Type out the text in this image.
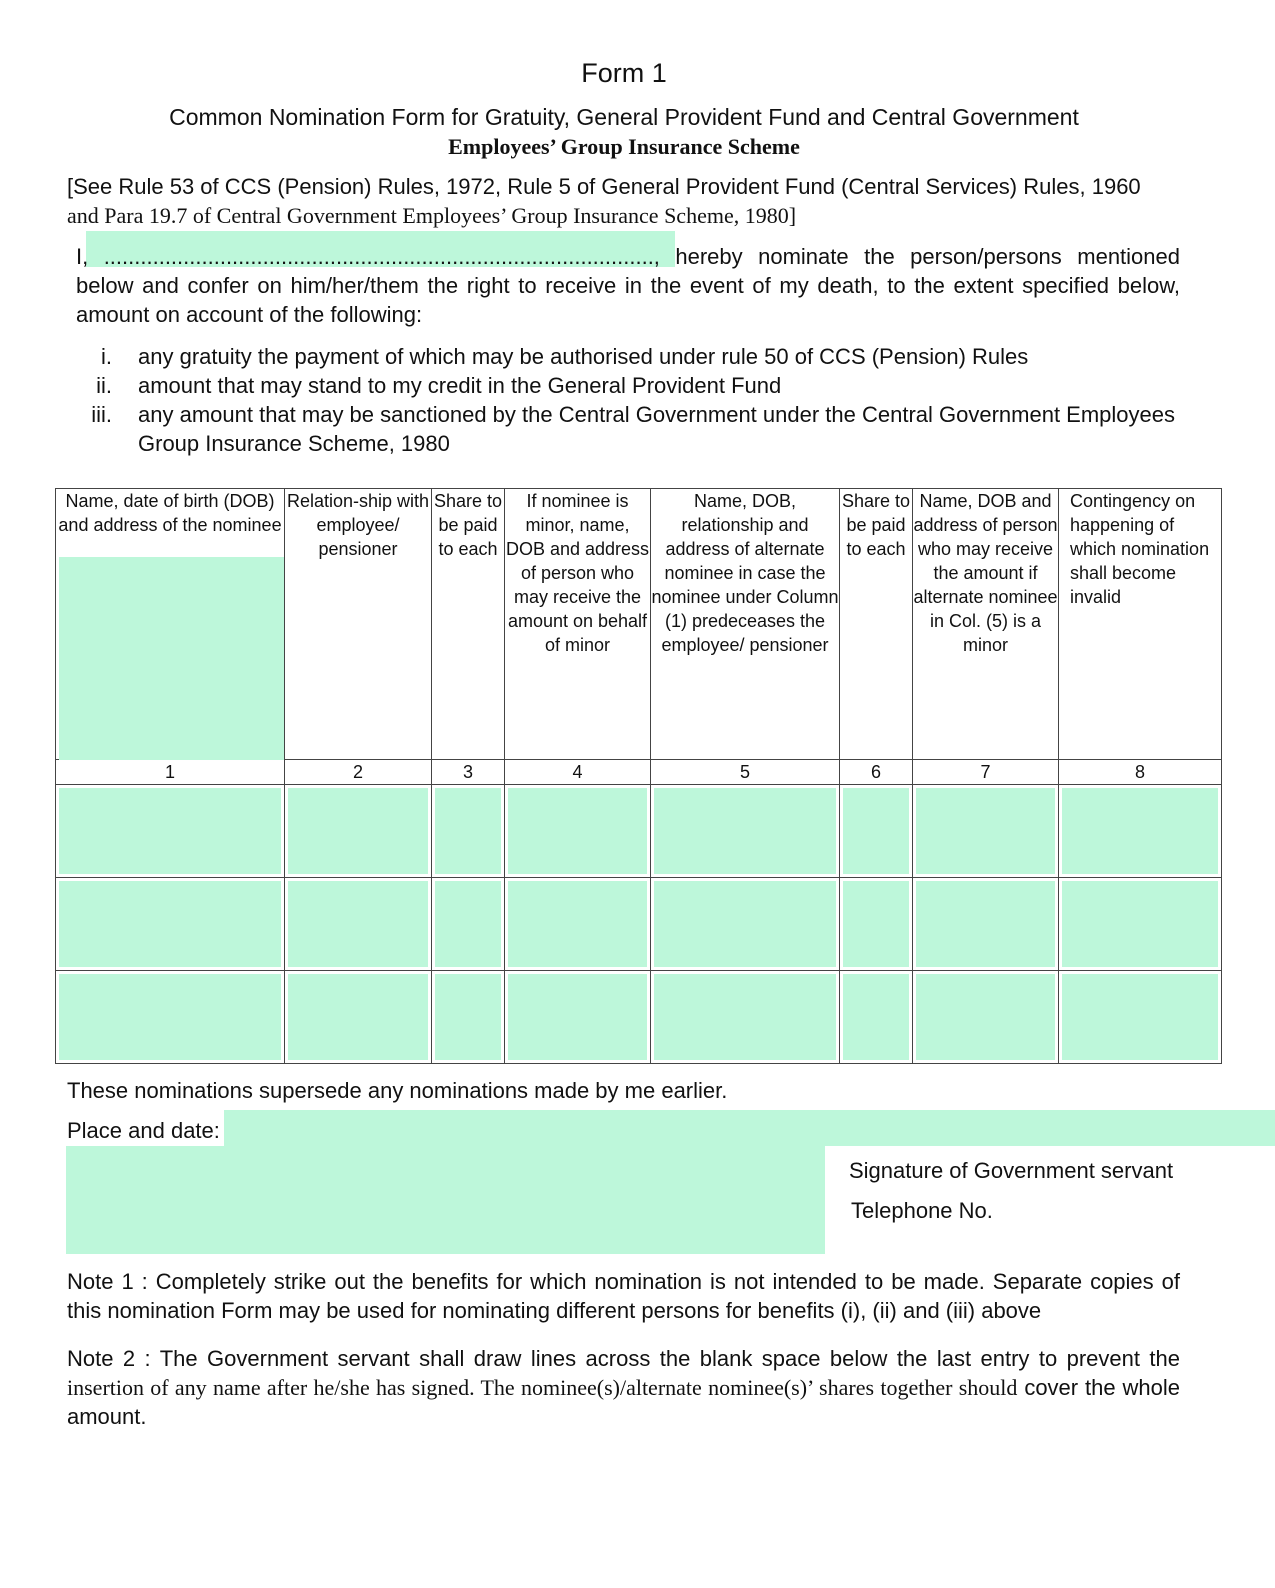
Form 1
Common Nomination Form for Gratuity, General Provident Fund and Central Government
Employees’ Group Insurance Scheme
[See Rule 53 of CCS (Pension) Rules, 1972, Rule 5 of General Provident Fund (Central Services) Rules, 1960
and Para 19.7 of Central Government Employees’ Group Insurance Scheme, 1980]
I, .........................................................................................., hereby nominate the person/persons mentioned below and confer on him/her/them the right to receive in the event of my death, to the extent specified below, amount on account of the following:
i.	any gratuity the payment of which may be authorised under rule 50 of CCS (Pension) Rules
ii.	amount that may stand to my credit in the General Provident Fund
iii.	any amount that may be sanctioned by the Central Government under the Central Government Employees Group Insurance Scheme, 1980
Name, date of birth (DOB) and address of the nominee	Relation-ship with employee/ pensioner	Share to be paid to each	If nominee is minor, name, DOB and address of person who may receive the amount on behalf of minor	Name, DOB, relationship and address of alternate nominee in case the nominee under Column (1) predeceases the employee/ pensioner	Share to be paid to each	Name, DOB and address of person who may receive the amount if alternate nominee in Col. (5) is a minor	Contingency on happening of which nomination shall become invalid
1	2	3	4	5	6	7	8

These nominations supersede any nominations made by me earlier.
Place and date:
Signature of Government servant
Telephone No.
Note 1 : Completely strike out the benefits for which nomination is not intended to be made. Separate copies of this nomination Form may be used for nominating different persons for benefits (i), (ii) and (iii) above
Note 2 : The Government servant shall draw lines across the blank space below the last entry to prevent the insertion of any name after he/she has signed. The nominee(s)/alternate nominee(s)’ shares together should cover the whole amount.
